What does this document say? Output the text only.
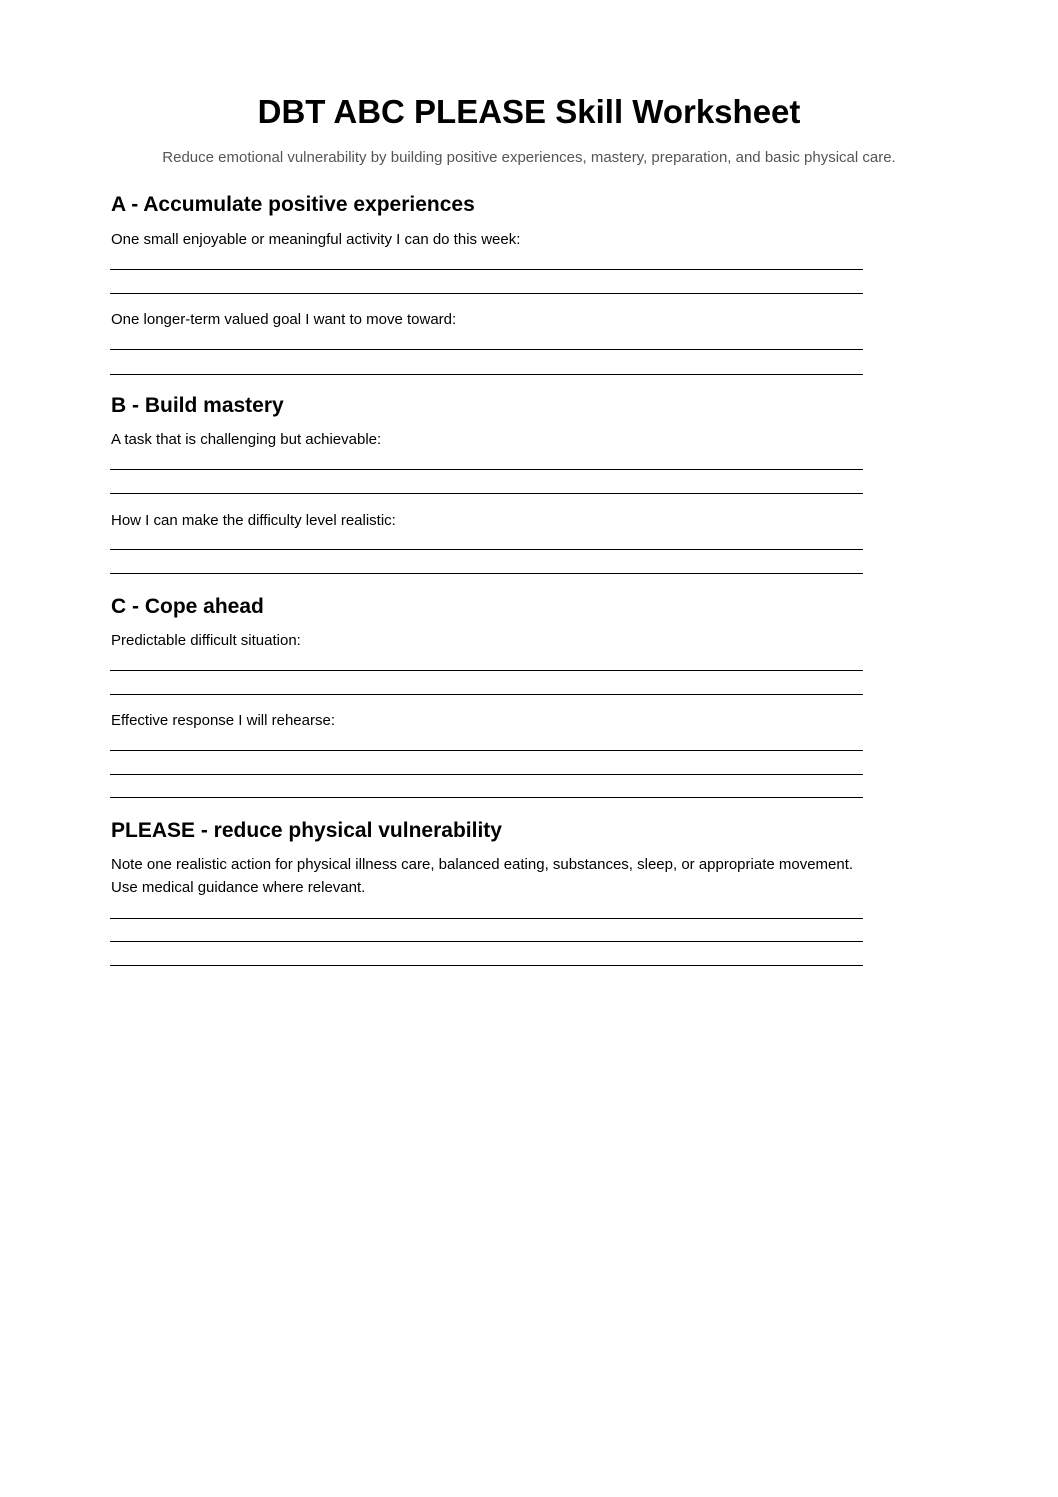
DBT ABC PLEASE Skill Worksheet

Reduce emotional vulnerability by building positive experiences, mastery, preparation, and basic physical care.

A - Accumulate positive experiences

One small enjoyable or meaningful activity I can do this week:

One longer-term valued goal I want to move toward:

B - Build mastery

A task that is challenging but achievable:

How I can make the difficulty level realistic:

C - Cope ahead

Predictable difficult situation:

Effective response I will rehearse:

PLEASE - reduce physical vulnerability
Note one realistic action for physical illness care, balanced eating, substances, sleep, or appropriate movement.
Use medical guidance where relevant.
